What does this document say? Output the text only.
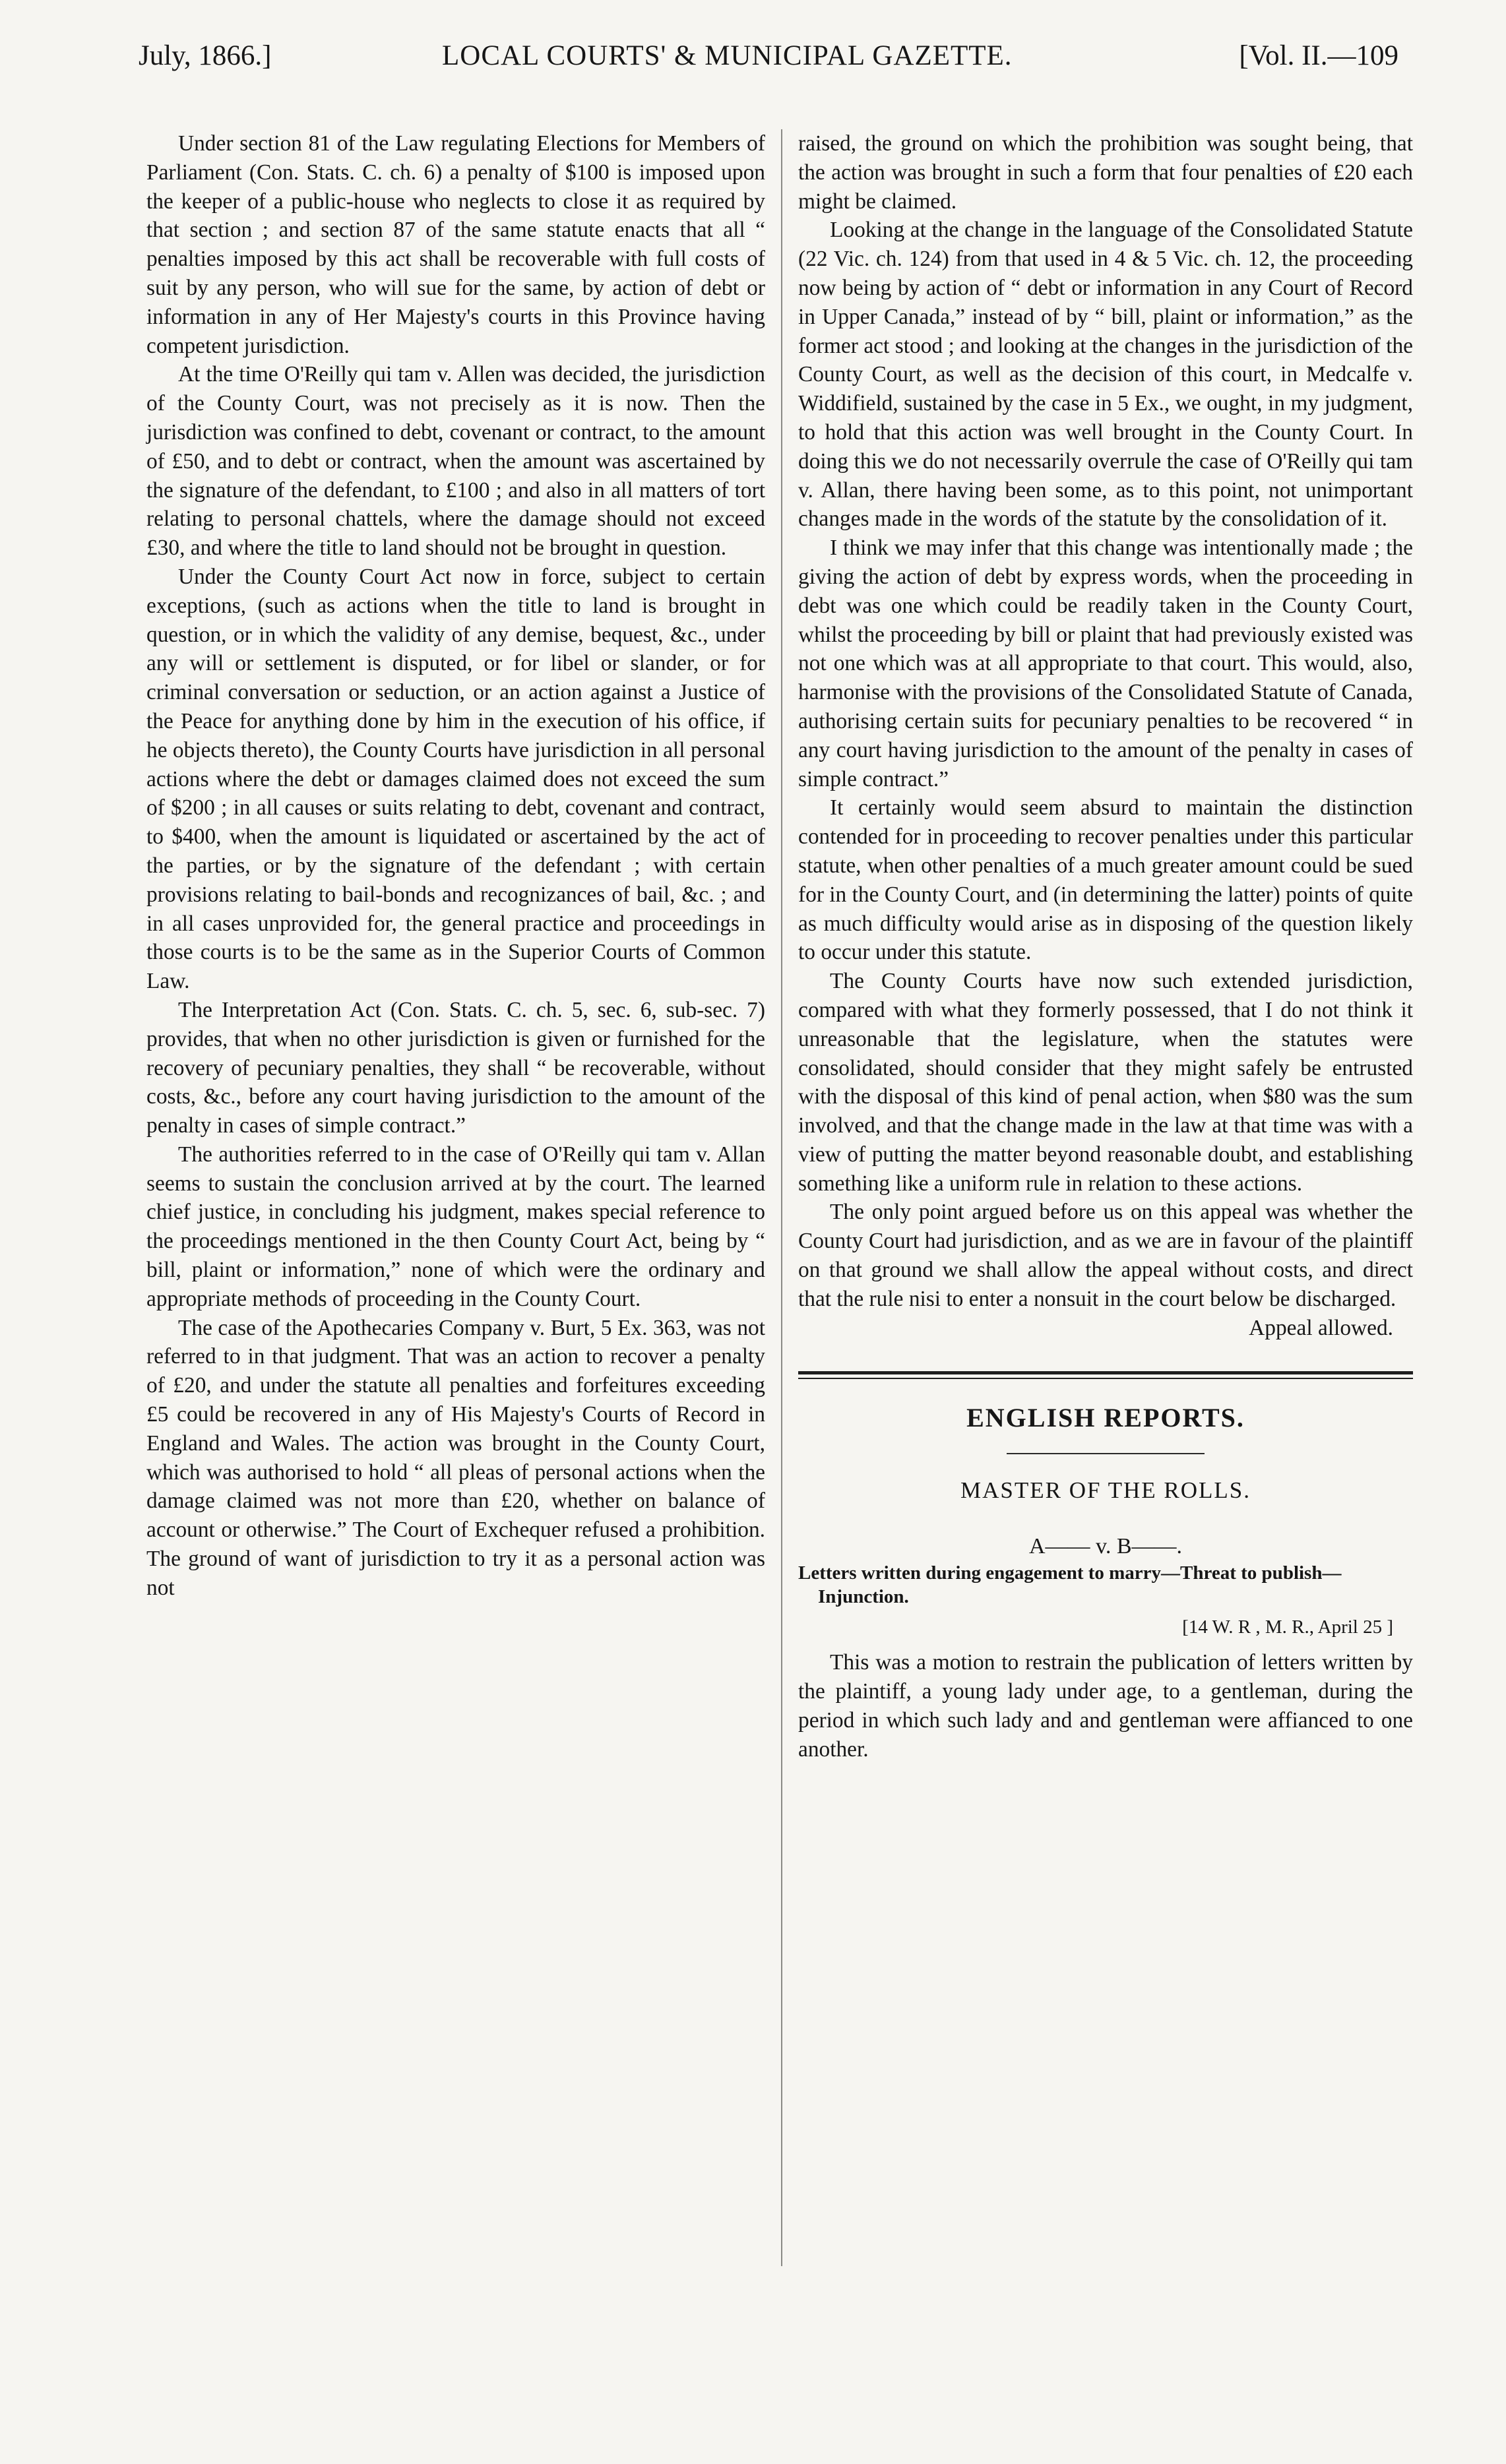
July, 1866.]	LOCAL COURTS' & MUNICIPAL GAZETTE.	[Vol. II.—109

Under section 81 of the Law regulating Elections for Members of Parliament (Con. Stats. C. ch. 6) a penalty of $100 is imposed upon the keeper of a public-house who neglects to close it as required by that section ; and section 87 of the same statute enacts that all “ penalties imposed by this act shall be recoverable with full costs of suit by any person, who will sue for the same, by action of debt or information in any of Her Majesty's courts in this Province having competent jurisdiction.

At the time O'Reilly qui tam v. Allen was decided, the jurisdiction of the County Court, was not precisely as it is now. Then the jurisdiction was confined to debt, covenant or contract, to the amount of £50, and to debt or contract, when the amount was ascertained by the signature of the defendant, to £100 ; and also in all matters of tort relating to personal chattels, where the damage should not exceed £30, and where the title to land should not be brought in question.

Under the County Court Act now in force, subject to certain exceptions, (such as actions when the title to land is brought in question, or in which the validity of any demise, bequest, &c., under any will or settlement is disputed, or for libel or slander, or for criminal conversation or seduction, or an action against a Justice of the Peace for anything done by him in the execution of his office, if he objects thereto), the County Courts have jurisdiction in all personal actions where the debt or damages claimed does not exceed the sum of $200 ; in all causes or suits relating to debt, covenant and contract, to $400, when the amount is liquidated or ascertained by the act of the parties, or by the signature of the defendant ; with certain provisions relating to bail-bonds and recognizances of bail, &c. ; and in all cases unprovided for, the general practice and proceedings in those courts is to be the same as in the Superior Courts of Common Law.

The Interpretation Act (Con. Stats. C. ch. 5, sec. 6, sub-sec. 7) provides, that when no other jurisdiction is given or furnished for the recovery of pecuniary penalties, they shall “ be recoverable, without costs, &c., before any court having jurisdiction to the amount of the penalty in cases of simple contract.”

The authorities referred to in the case of O'Reilly qui tam v. Allan seems to sustain the conclusion arrived at by the court. The learned chief justice, in concluding his judgment, makes special reference to the proceedings mentioned in the then County Court Act, being by “ bill, plaint or information,” none of which were the ordinary and appropriate methods of proceeding in the County Court.

The case of the Apothecaries Company v. Burt, 5 Ex. 363, was not referred to in that judgment. That was an action to recover a penalty of £20, and under the statute all penalties and forfeitures exceeding £5 could be recovered in any of His Majesty's Courts of Record in England and Wales. The action was brought in the County Court, which was authorised to hold “ all pleas of personal actions when the damage claimed was not more than £20, whether on balance of account or otherwise.” The Court of Exchequer refused a prohibition. The ground of want of jurisdiction to try it as a personal action was not

raised, the ground on which the prohibition was sought being, that the action was brought in such a form that four penalties of £20 each might be claimed.

Looking at the change in the language of the Consolidated Statute (22 Vic. ch. 124) from that used in 4 & 5 Vic. ch. 12, the proceeding now being by action of “ debt or information in any Court of Record in Upper Canada,” instead of by “ bill, plaint or information,” as the former act stood ; and looking at the changes in the jurisdiction of the County Court, as well as the decision of this court, in Medcalfe v. Widdifield, sustained by the case in 5 Ex., we ought, in my judgment, to hold that this action was well brought in the County Court. In doing this we do not necessarily overrule the case of O'Reilly qui tam v. Allan, there having been some, as to this point, not unimportant changes made in the words of the statute by the consolidation of it.

I think we may infer that this change was intentionally made ; the giving the action of debt by express words, when the proceeding in debt was one which could be readily taken in the County Court, whilst the proceeding by bill or plaint that had previously existed was not one which was at all appropriate to that court. This would, also, harmonise with the provisions of the Consolidated Statute of Canada, authorising certain suits for pecuniary penalties to be recovered “ in any court having jurisdiction to the amount of the penalty in cases of simple contract.”

It certainly would seem absurd to maintain the distinction contended for in proceeding to recover penalties under this particular statute, when other penalties of a much greater amount could be sued for in the County Court, and (in determining the latter) points of quite as much difficulty would arise as in disposing of the question likely to occur under this statute.

The County Courts have now such extended jurisdiction, compared with what they formerly possessed, that I do not think it unreasonable that the legislature, when the statutes were consolidated, should consider that they might safely be entrusted with the disposal of this kind of penal action, when $80 was the sum involved, and that the change made in the law at that time was with a view of putting the matter beyond reasonable doubt, and establishing something like a uniform rule in relation to these actions.

The only point argued before us on this appeal was whether the County Court had jurisdiction, and as we are in favour of the plaintiff on that ground we shall allow the appeal without costs, and direct that the rule nisi to enter a nonsuit in the court below be discharged.

Appeal allowed.
ENGLISH REPORTS.
MASTER OF THE ROLLS.
A—— v. B——.

Letters written during engagement to marry—Threat to publish—Injunction.

[14 W. R , M. R., April 25 ]

This was a motion to restrain the publication of letters written by the plaintiff, a young lady under age, to a gentleman, during the period in which such lady and and gentleman were affianced to one another.
